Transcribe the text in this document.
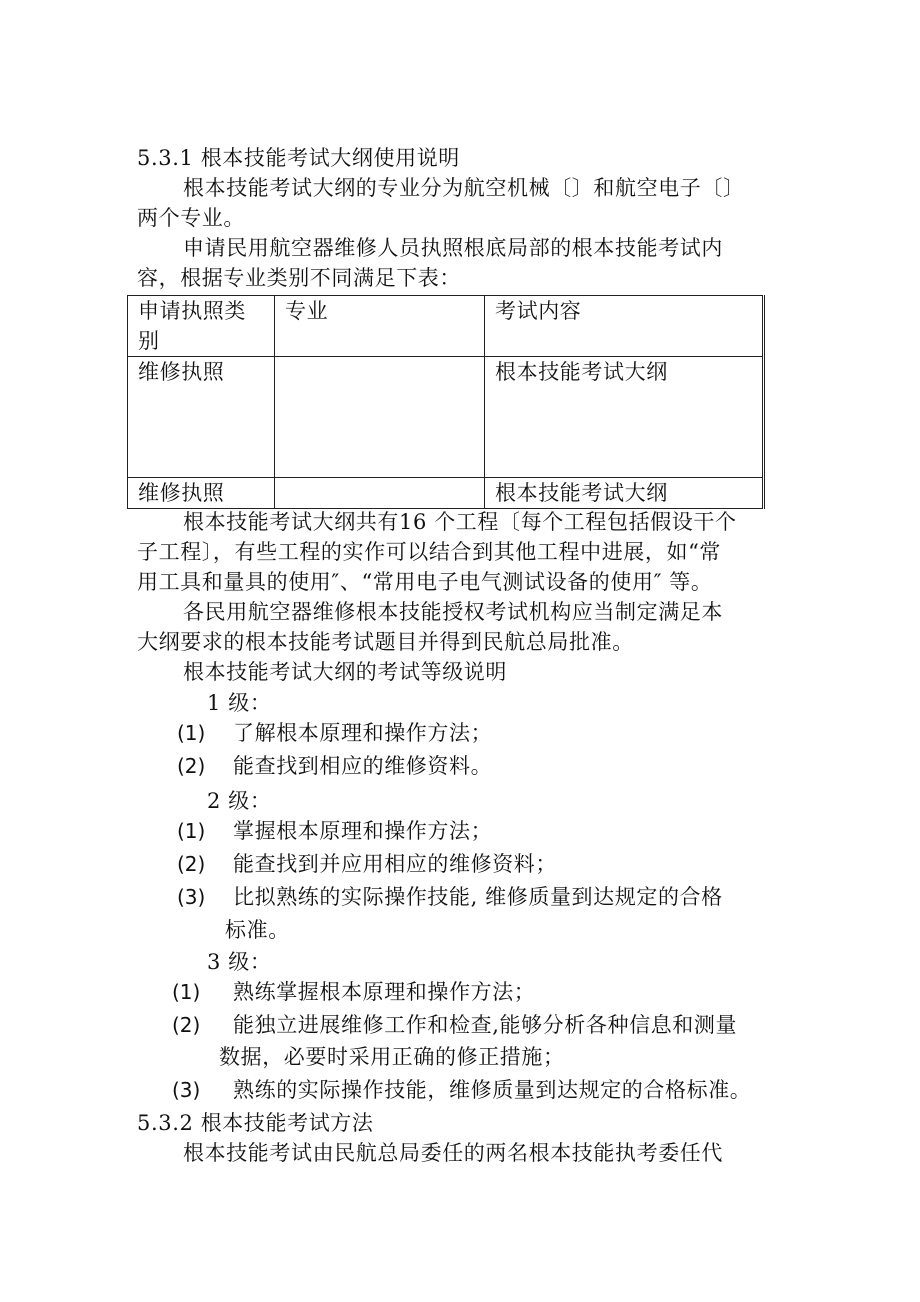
5.3.1 根本技能考试大纲使用说明
根本技能考试大纲的专业分为航空机械〔〕和航空电子〔〕
两个专业。
申请民用航空器维修人员执照根底局部的根本技能考试内
容，根据专业类别不同满足下表：
申请执照类别	专业	考试内容
维修执照		根本技能考试大纲
维修执照		根本技能考试大纲
根本技能考试大纲共有16 个工程〔每个工程包括假设干个
子工程〕，有些工程的实作可以结合到其他工程中进展，如“常
用工具和量具的使用″、“常用电子电气测试设备的使用″ 等。
各民用航空器维修根本技能授权考试机构应当制定满足本
大纲要求的根本技能考试题目并得到民航总局批准。
根本技能考试大纲的考试等级说明
1 级：
(1) 了解根本原理和操作方法；
(2) 能查找到相应的维修资料。
2 级：
(1) 掌握根本原理和操作方法；
(2) 能查找到并应用相应的维修资料；
(3) 比拟熟练的实际操作技能, 维修质量到达规定的合格
标准。
3 级：
(1) 熟练掌握根本原理和操作方法；
(2) 能独立进展维修工作和检查,能够分析各种信息和测量
数据，必要时采用正确的修正措施；
(3) 熟练的实际操作技能，维修质量到达规定的合格标准。
5.3.2 根本技能考试方法
根本技能考试由民航总局委任的两名根本技能执考委任代
